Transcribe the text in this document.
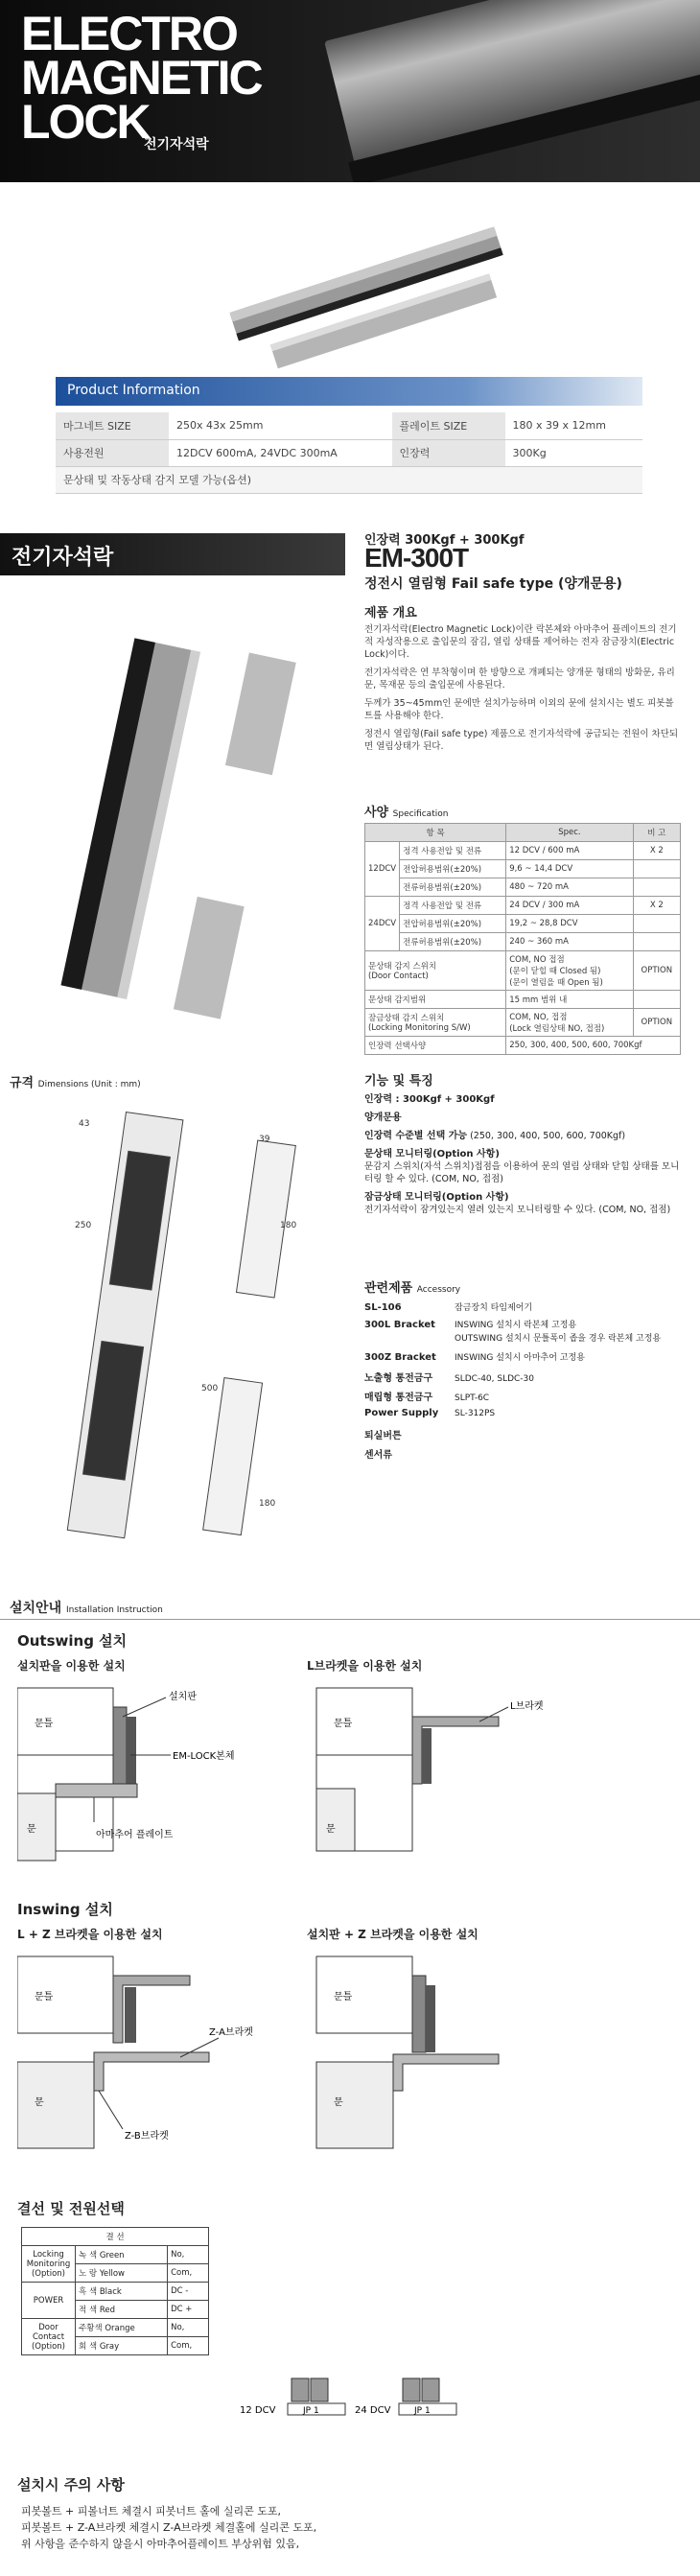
ELECTRO
MAGNETIC
LOCK
전기자석락
Product Information
마그네트 SIZE	250x 43x 25mm	플레이트 SIZE	180 x 39 x 12mm
사용전원	12DCV 600mA, 24VDC 300mA	인장력	300Kg
문상태 및 작동상태 감지 모델 가능(옵션)			
전기자석락
인장력 300Kgf + 300Kgf
EM-300T
정전시 열림형 Fail safe type (양개문용)
제품 개요

전기자석락(Electro Magnetic Lock)이란 락본체와 아마추어 플레이트의 전기적 자성작용으로 출입문의 잠김, 열림 상태를 제어하는 전자 잠금장치(Electric Lock)이다.

전기자석락은 연 부착형이며 한 방향으로 개폐되는 양개문 형태의 방화문, 유리문, 목재문 등의 출입문에 사용된다.

두께가 35~45mm인 문에만 설치가능하며 이외의 문에 설치시는 별도 피봇볼트를 사용해야 한다.

정전시 열림형(Fail safe type) 제품으로 전기자석락에 공급되는 전원이 차단되면 열림상태가 된다.

사양 Specification
항 목		Spec.	비 고
12DCV	정격 사용전압 및 전류	12 DCV / 600 mA	X 2
	전압허용범위(±20%)	9,6 ~ 14,4 DCV	
	전류허용범위(±20%)	480 ~ 720 mA	
24DCV	정격 사용전압 및 전류	24 DCV / 300 mA	X 2
	전압허용범위(±20%)	19,2 ~ 28,8 DCV	
	전류허용범위(±20%)	240 ~ 360 mA	
문상태 감지 스위치
(Door Contact)		COM, NO 접점
(문이 닫힐 때 Closed 됨)
(문이 열림을 때 Open 됨)	OPTION
문상태 감지범위		15 mm 범위 내	
잠금상태 감지 스위치
(Locking Monitoring S/W)		COM, NO, 접점
(Lock 열림상태 NO, 접점)	OPTION
인장력 선택사양		250, 300, 400, 500, 600, 700Kgf	
규격 Dimensions (Unit : mm)
43
250
39
180
500
180
기능 및 특징
인장력 : 300Kgf + 300Kgf
양개문용
인장력 수준별 선택 가능 (250, 300, 400, 500, 600, 700Kgf)
문상태 모니터링(Option 사항)
문감지 스위치(자석 스위치)접점을 이용하여 문의 열림 상태와 닫힘 상태를 모니터링 할 수 있다. (COM, NO, 접점)
잠금상태 모니터링(Option 사항)
전기자석락이 잠겨있는지 열려 있는지 모니터링할 수 있다. (COM, NO, 접점)
관련제품 Accessory
SL-106	잠금장치 타임제어기
300L Bracket INSWING 설치시 락본체 고정용
OUTSWING 설치시 문틀폭이 좁을 경우 락본체 고정용
300Z Bracket INSWING 설치시 아마추어 고정용
노출형 통전금구	SLDC-40, SLDC-30
매립형 통전금구	SLPT-6C
Power Supply SL-312PS
퇴실버튼
센서류
설치안내 Installation Instruction
Outswing 설치
설치판을 이용한 설치	L브라켓을 이용한 설치
문틀
문
설치판
EM-LOCK본체
아마추어 플레이트
문틀
문
L브라켓
Inswing 설치
L + Z 브라켓을 이용한 설치	설치판 + Z 브라켓을 이용한 설치
문틀
문
Z-A브라켓
Z-B브라켓
문틀
문
결선 및 전원선택
결 선		
Locking
Monitoring
(Option)	녹 색 Green	No,
	노 랑 Yellow	Com,
POWER	흑 색 Black	DC -
	적 색 Red	DC +
Door
Contact
(Option)	주황색 Orange	No,
	회 색 Gray	Com,
12 DCV	JP 1	24 DCV	JP 1
설치시 주의 사항
피봇볼트 + 피볼너트 체결시 피봇너트 홀에 실리콘 도포,
피봇볼트 + Z-A브라켓 체결시 Z-A브라켓 체결홀에 실리콘 도포,
위 사항을 준수하지 않을시 아마추어플레이트 부상위험 있음,
